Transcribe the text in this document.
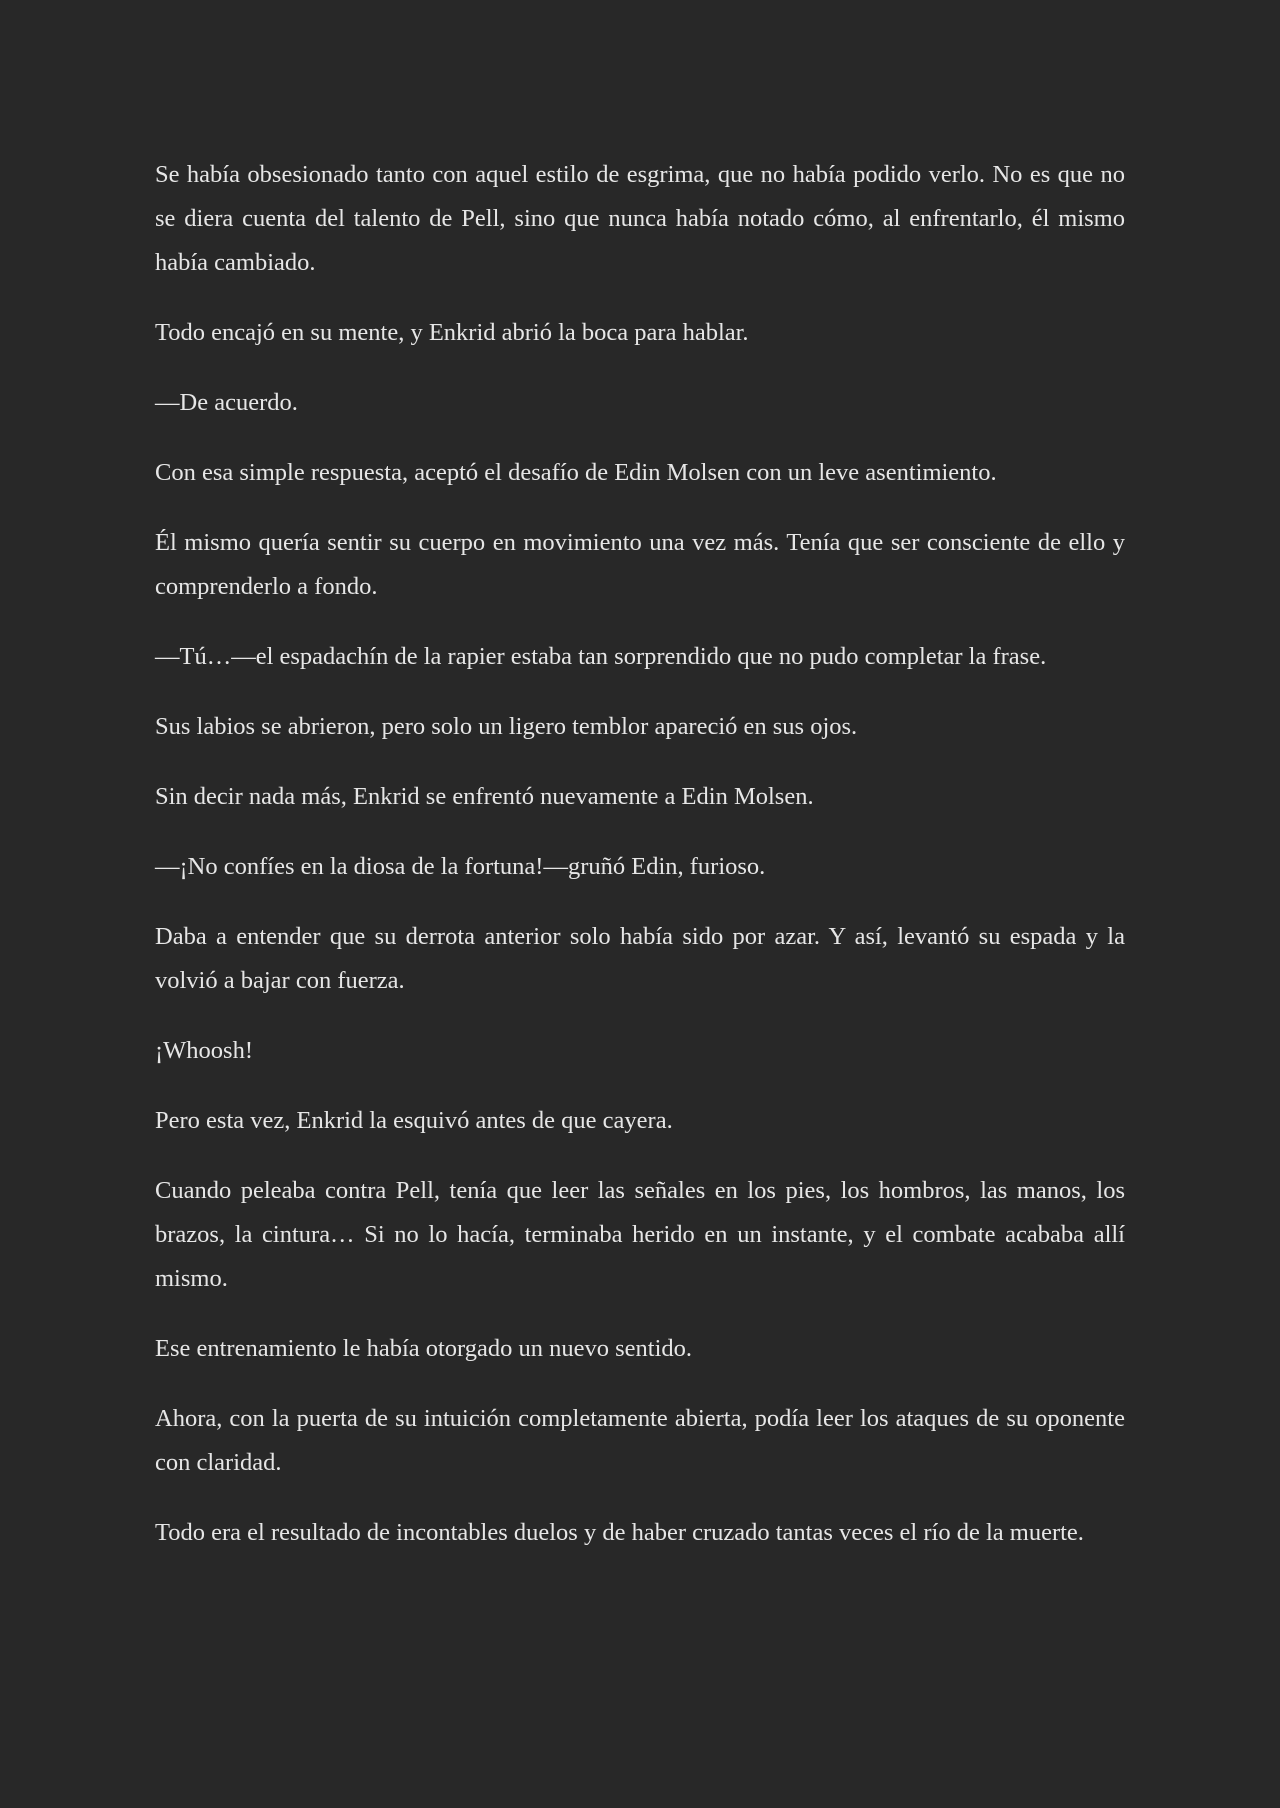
Se había obsesionado tanto con aquel estilo de esgrima, que no había podido verlo. No es que no se diera cuenta del talento de Pell, sino que nunca había notado cómo, al enfrentarlo, él mismo había cambiado.

Todo encajó en su mente, y Enkrid abrió la boca para hablar.

—De acuerdo.

Con esa simple respuesta, aceptó el desafío de Edin Molsen con un leve asentimiento.

Él mismo quería sentir su cuerpo en movimiento una vez más. Tenía que ser consciente de ello y comprenderlo a fondo.

—Tú…—el espadachín de la rapier estaba tan sorprendido que no pudo completar la frase.

Sus labios se abrieron, pero solo un ligero temblor apareció en sus ojos.

Sin decir nada más, Enkrid se enfrentó nuevamente a Edin Molsen.

—¡No confíes en la diosa de la fortuna!—gruñó Edin, furioso.

Daba a entender que su derrota anterior solo había sido por azar. Y así, levantó su espada y la volvió a bajar con fuerza.

¡Whoosh!

Pero esta vez, Enkrid la esquivó antes de que cayera.

Cuando peleaba contra Pell, tenía que leer las señales en los pies, los hombros, las manos, los brazos, la cintura… Si no lo hacía, terminaba herido en un instante, y el combate acababa allí mismo.

Ese entrenamiento le había otorgado un nuevo sentido.

Ahora, con la puerta de su intuición completamente abierta, podía leer los ataques de su oponente con claridad.

Todo era el resultado de incontables duelos y de haber cruzado tantas veces el río de la muerte.
